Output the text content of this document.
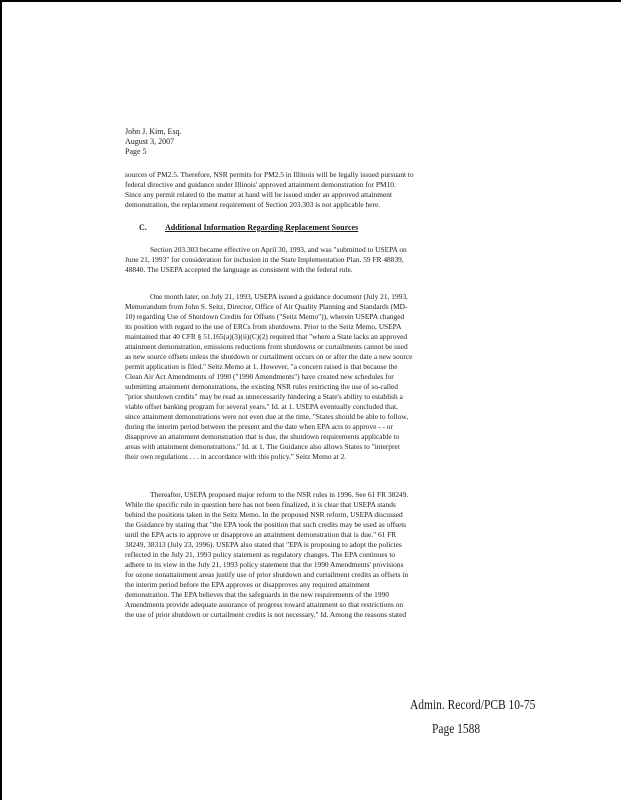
John J. Kim, Esq.
August 3, 2007
Page 5
sources of PM2.5. Therefore, NSR permits for PM2.5 in Illinois will be legally issued pursuant to
federal directive and guidance under Illinois' approved attainment demonstration for PM10.
Since any permit related to the matter at hand will be issued under an approved attainment
demonstration, the replacement requirement of Section 203.303 is not applicable here.
C. Additional Information Regarding Replacement Sources
Section 203.303 became effective on April 30, 1993, and was "submitted to USEPA on
June 21, 1993" for consideration for inclusion in the State Implementation Plan. 59 FR 48839,
48840. The USEPA accepted the language as consistent with the federal rule.
One month later, on July 21, 1993, USEPA issued a guidance document (July 21, 1993,
Memorandum from John S. Seitz, Director, Office of Air Quality Planning and Standards (MD-
10) regarding Use of Shutdown Credits for Offsets ("Seitz Memo")), wherein USEPA changed
its position with regard to the use of ERCs from shutdowns. Prior to the Seitz Memo, USEPA
maintained that 40 CFR § 51.165(a)(3)(ii)(C)(2) required that "where a State lacks an approved
attainment demonstration, emissions reductions from shutdowns or curtailments cannot be used
as new source offsets unless the shutdown or curtailment occurs on or after the date a new source
permit application is filed." Seitz Memo at 1. However, "a concern raised is that because the
Clean Air Act Amendments of 1990 ("1990 Amendments") have created new schedules for
submitting attainment demonstrations, the existing NSR rules restricting the use of so-called
"prior shutdown credits" may be read as unnecessarily hindering a State's ability to establish a
viable offset banking program for several years." Id. at 1. USEPA eventually concluded that,
since attainment demonstrations were not even due at the time, "States should be able to follow,
during the interim period between the present and the date when EPA acts to approve - - or
disapprove an attainment demonstration that is due, the shutdown requirements applicable to
areas with attainment demonstrations." Id. at 1. The Guidance also allows States to "interpret
their own regulations . . . in accordance with this policy." Seitz Memo at 2.
Thereafter, USEPA proposed major reform to the NSR rules in 1996. See 61 FR 38249.
While the specific rule in question here has not been finalized, it is clear that USEPA stands
behind the positions taken in the Seitz Memo. In the proposed NSR reform, USEPA discussed
the Guidance by stating that "the EPA took the position that such credits may be used as offsets
until the EPA acts to approve or disapprove an attainment demonstration that is due." 61 FR
38249, 38313 (July 23, 1996). USEPA also stated that "EPA is proposing to adopt the policies
reflected in the July 21, 1993 policy statement as regulatory changes. The EPA continues to
adhere to its view in the July 21, 1993 policy statement that the 1990 Amendments' provisions
for ozone nonattainment areas justify use of prior shutdown and curtailment credits as offsets in
the interim period before the EPA approves or disapproves any required attainment
demonstration. The EPA believes that the safeguards in the new requirements of the 1990
Amendments provide adequate assurance of progress toward attainment so that restrictions on
the use of prior shutdown or curtailment credits is not necessary." Id. Among the reasons stated
Admin. Record/PCB 10-75
Page 1588
